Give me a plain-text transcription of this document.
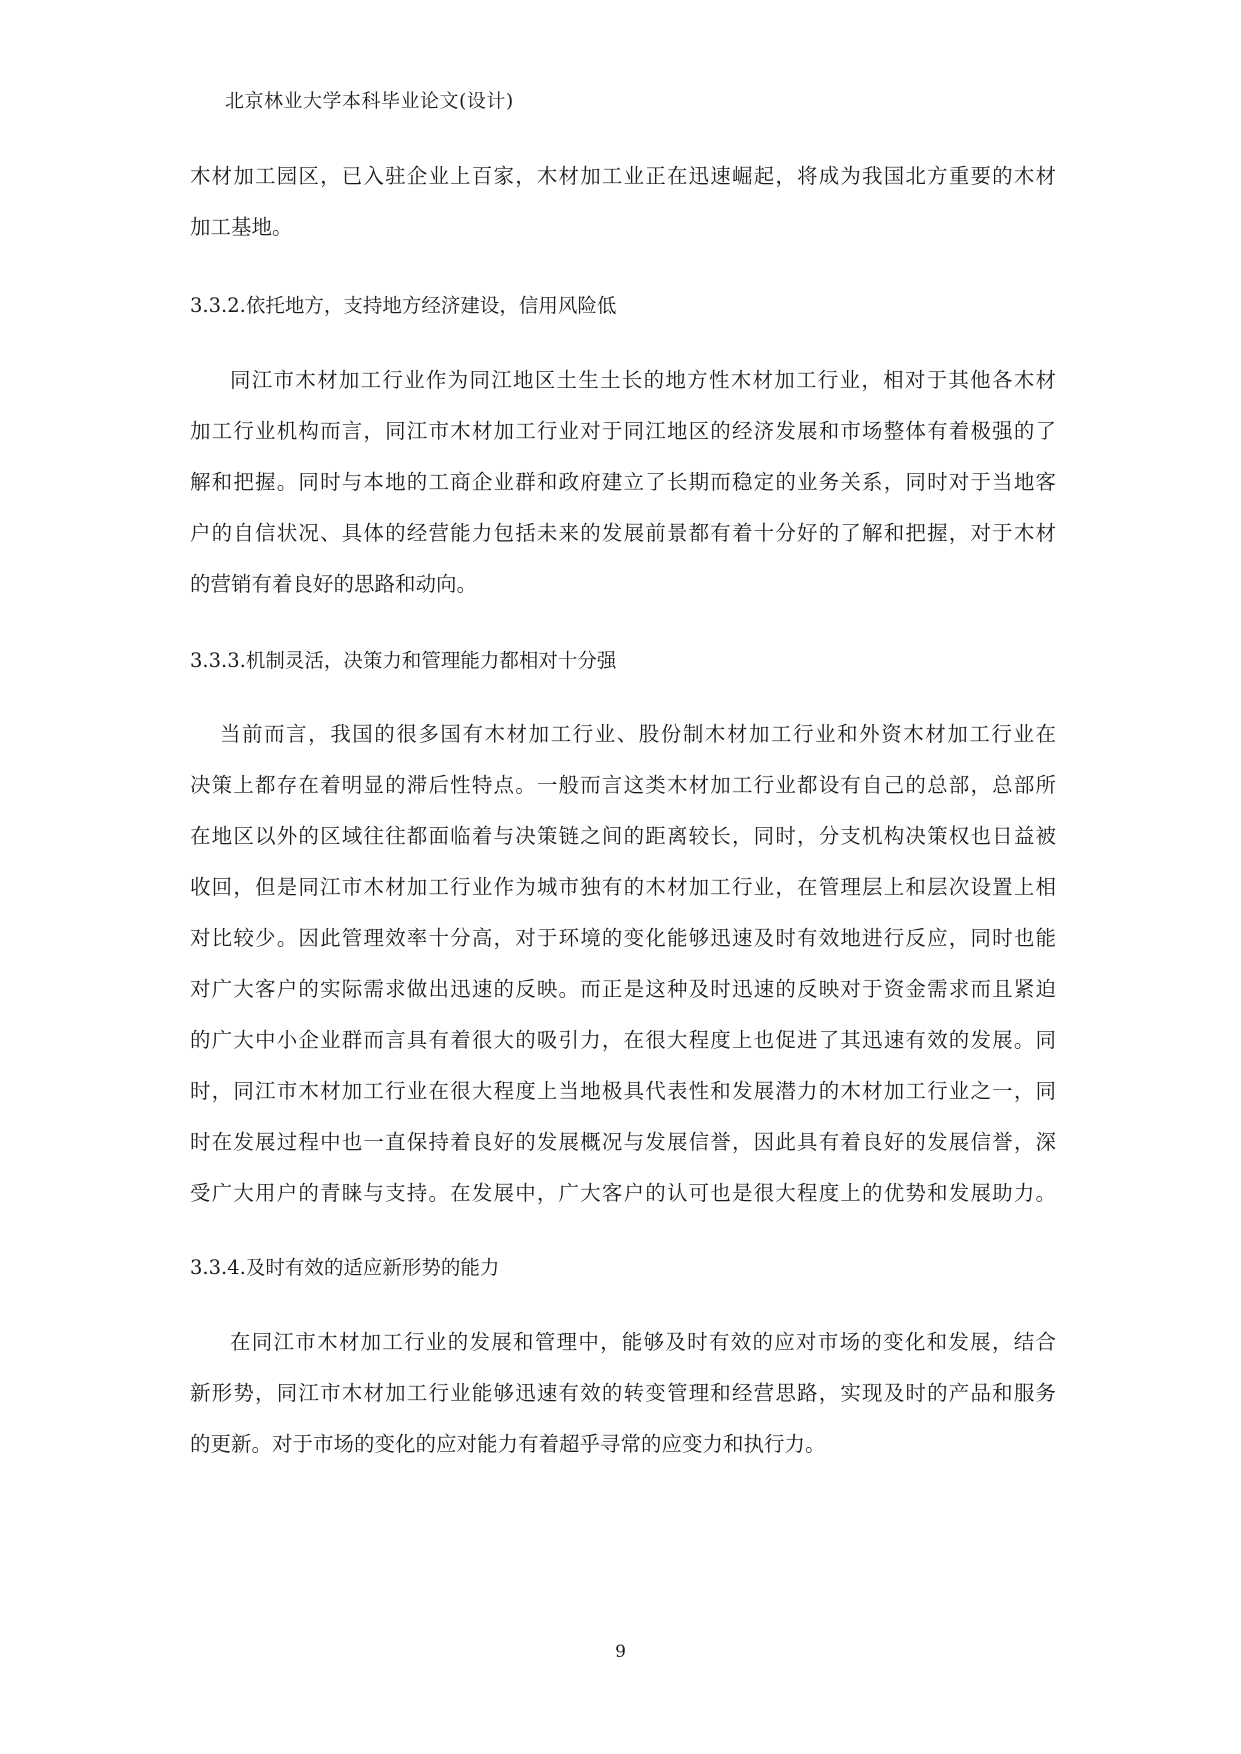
北京林业大学本科毕业论文(设计)
木材加工园区，已入驻企业上百家，木材加工业正在迅速崛起，将成为我国北方重要的木材
加工基地。
3.3.2.依托地方，支持地方经济建设，信用风险低
同江市木材加工行业作为同江地区土生土长的地方性木材加工行业，相对于其他各木材
加工行业机构而言，同江市木材加工行业对于同江地区的经济发展和市场整体有着极强的了
解和把握。同时与本地的工商企业群和政府建立了长期而稳定的业务关系，同时对于当地客
户的自信状况、具体的经营能力包括未来的发展前景都有着十分好的了解和把握，对于木材
的营销有着良好的思路和动向。
3.3.3.机制灵活，决策力和管理能力都相对十分强
当前而言，我国的很多国有木材加工行业、股份制木材加工行业和外资木材加工行业在
决策上都存在着明显的滞后性特点。一般而言这类木材加工行业都设有自己的总部，总部所
在地区以外的区域往往都面临着与决策链之间的距离较长，同时，分支机构决策权也日益被
收回，但是同江市木材加工行业作为城市独有的木材加工行业，在管理层上和层次设置上相
对比较少。因此管理效率十分高，对于环境的变化能够迅速及时有效地进行反应，同时也能
对广大客户的实际需求做出迅速的反映。而正是这种及时迅速的反映对于资金需求而且紧迫
的广大中小企业群而言具有着很大的吸引力，在很大程度上也促进了其迅速有效的发展。同
时，同江市木材加工行业在很大程度上当地极具代表性和发展潜力的木材加工行业之一，同
时在发展过程中也一直保持着良好的发展概况与发展信誉，因此具有着良好的发展信誉，深
受广大用户的青睐与支持。在发展中，广大客户的认可也是很大程度上的优势和发展助力。
3.3.4.及时有效的适应新形势的能力
在同江市木材加工行业的发展和管理中，能够及时有效的应对市场的变化和发展，结合
新形势，同江市木材加工行业能够迅速有效的转变管理和经营思路，实现及时的产品和服务
的更新。对于市场的变化的应对能力有着超乎寻常的应变力和执行力。
9
